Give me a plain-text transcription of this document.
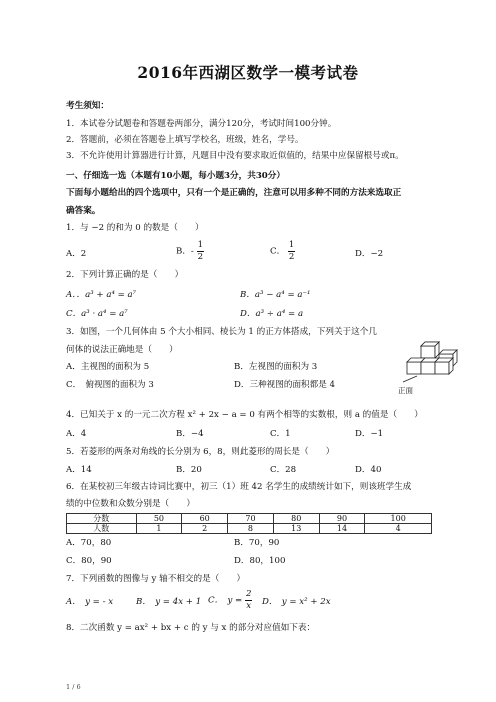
2016年西湖区数学一模考试卷
考生须知：
1．本试卷分试题卷和答题卷两部分，满分120分，考试时间100分钟。
2．答题前，必须在答题卷上填写学校名，班级，姓名，学号。
3．不允许使用计算器进行计算，凡题目中没有要求取近似值的，结果中应保留根号或π。
一、仔细选一选（本题有10小题，每小题3分，共30分）
下面每小题给出的四个选项中，只有一个是正确的，注意可以用多种不同的方法来选取正
确答案。
1．与 −2 的和为 0 的数是（　　）
A．2	B．- $\frac{1}{2}$	C． $\frac{1}{2}$	D．−2
2．下列计算正确的是（　　）
A．．a³ + a⁴ = a⁷	B．a³ − a⁴ = a⁻¹
C．a³ · a⁴ = a⁷	D．a³ ÷ a⁴ = a
3．如图，一个几何体由 5 个大小相同、棱长为 1 的正方体搭成，下列关于这个几
何体的说法正确地是（　　）
A．主视图的面积为 5	B．左视图的面积为 3
C．　俯视图的面积为 3	D．三种视图的面积都是 4
正面
4．已知关于 x 的一元二次方程 x² + 2x − a = 0 有两个相等的实数根，则 a 的值是（　　）
A．4	B．−4	C．1	D．−1
5．若菱形的两条对角线的长分别为 6，8，则此菱形的周长是（　　）
A．14	B．20	C．28	D．40
6．在某校初三年级古诗词比赛中，初三（1）班 42 名学生的成绩统计如下，则该班学生成
绩的中位数和众数分别是（　　）
分数	50	60	70	80	90	100
人数	1	2	8	13	14	4
A．70，80	B．70，90
C．80，90	D．80，100
7．下列函数的图像与 y 轴不相交的是（　　）
A．　y = - x	B．　y = 4x + 1 C．　$y = \frac{2}{x}$ D．　y = x² + 2x
8．二次函数 y = ax² + bx + c 的 y 与 x 的部分对应值如下表：
1 / 6
